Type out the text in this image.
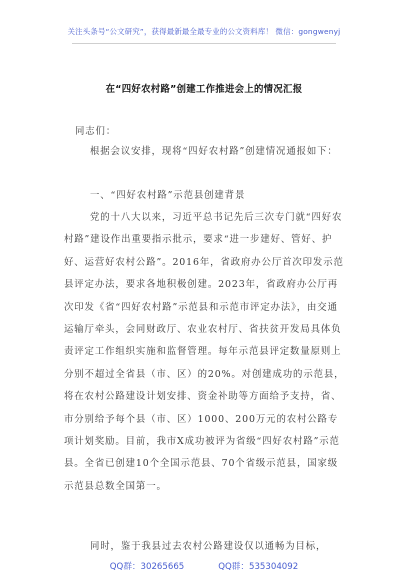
关注头条号“公文研究”，获得最新最全最专业的公文资料库！ 微信：gongwenyj
在“四好农村路”创建工作推进会上的情况汇报
同志们：
根据会议安排，现将“四好农村路”创建情况通报如下：
一、“四好农村路”示范县创建背景
党的十八大以来，习近平总书记先后三次专门就“四好农村路”建设作出重要指示批示，要求“进一步建好、管好、护好、运营好农村公路”。2016年，省政府办公厅首次印发示范县评定办法，要求各地积极创建。2023年，省政府办公厅再次印发《省“四好农村路”示范县和示范市评定办法》，由交通运输厅牵头，会同财政厅、农业农村厅、省扶贫开发局具体负责评定工作组织实施和监督管理。每年示范县评定数量原则上分别不超过全省县（市、区）的20%。对创建成功的示范县，将在农村公路建设计划安排、资金补助等方面给予支持，省、市分别给予每个县（市、区）1000、200万元的农村公路专项计划奖励。目前，我市X成功被评为省级“四好农村路”示范县。全省已创建10个全国示范县、70个省级示范县，国家级示范县总数全国第一。
同时，鉴于我县过去农村公路建设仅以通畅为目标，
QQ群：30265665	QQ群：535304092
